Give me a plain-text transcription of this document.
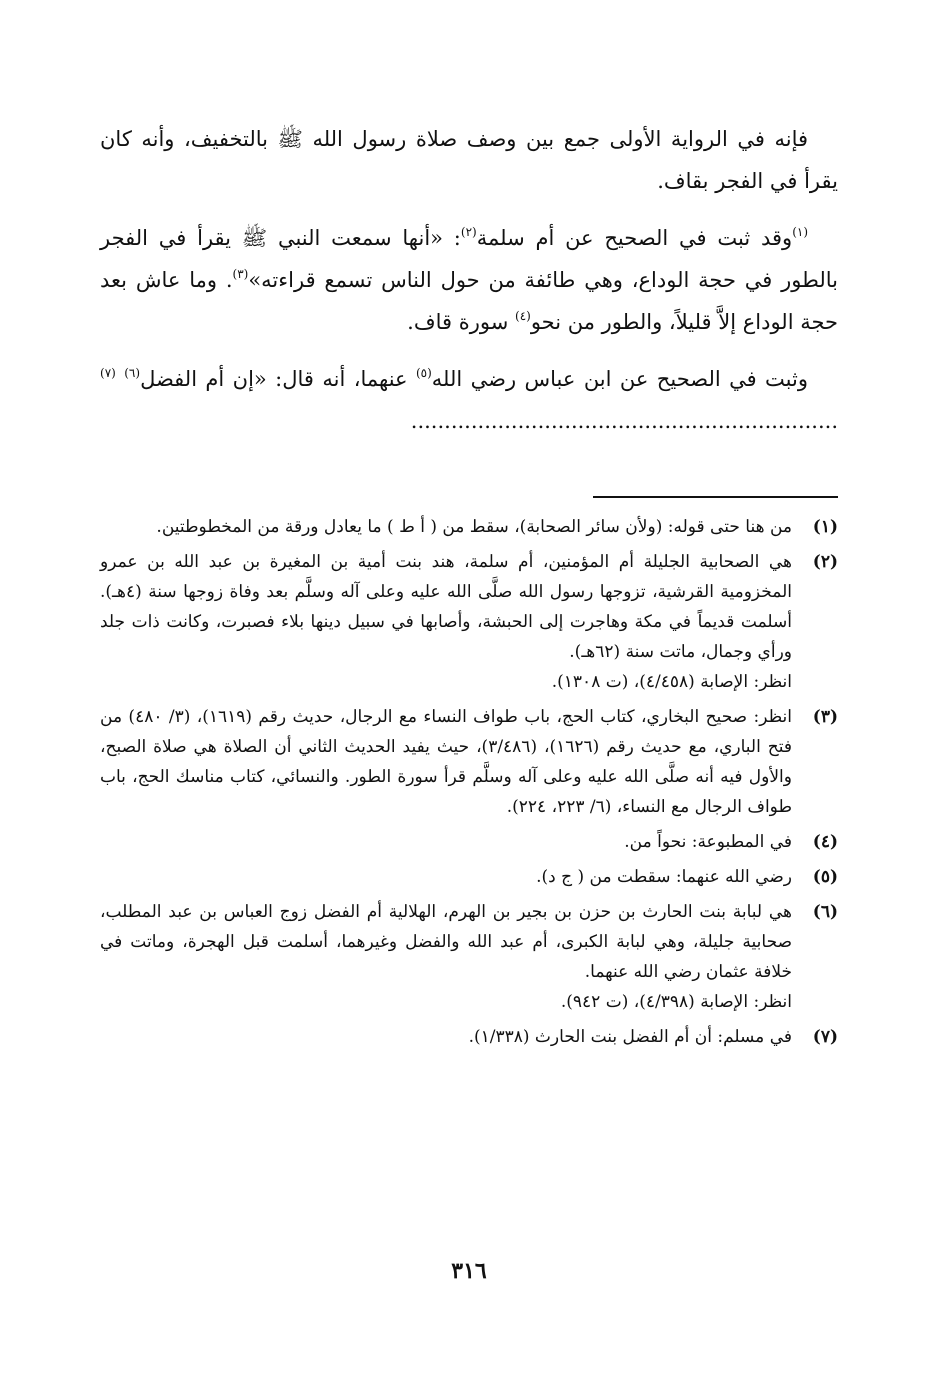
فإنه في الرواية الأولى جمع بين وصف صلاة رسول الله ﷺ بالتخفيف، وأنه كان يقرأ في الفجر بقاف.

$^{(١)}$وقد ثبت في الصحيح عن أم سلمة$^{(٢)}$: «أنها سمعت النبي ﷺ يقرأ في الفجر بالطور في حجة الوداع، وهي طائفة من حول الناس تسمع قراءته»$^{(٣)}$. وما عاش بعد حجة الوداع إلاَّ قليلاً، والطور من نحو$^{(٤)}$ سورة قاف.

وثبت في الصحيح عن ابن عباس رضي الله$^{(٥)}$ عنهما، أنه قال: «إن أم الفضل$^{(٦)}$ $^{(٧)}$ ................................................................

(١)
من هنا حتى قوله: (ولأن سائر الصحابة)، سقط من ( أ ط ) ما يعادل ورقة من المخطوطتين.
(٢)
هي الصحابية الجليلة أم المؤمنين، أم سلمة، هند بنت أمية بن المغيرة بن عبد الله بن عمرو المخزومية القرشية، تزوجها رسول الله صلَّى الله عليه وعلى آله وسلَّم بعد وفاة زوجها سنة (٤هـ). أسلمت قديماً في مكة وهاجرت إلى الحبشة، وأصابها في سبيل دينها بلاء فصبرت، وكانت ذات جلد ورأي وجمال، ماتت سنة (٦٢هـ).
انظر: الإصابة (٤/٤٥٨)، (ت ١٣٠٨).
(٣)
انظر: صحيح البخاري، كتاب الحج، باب طواف النساء مع الرجال، حديث رقم (١٦١٩)، (٣/ ٤٨٠) من فتح الباري، مع حديث رقم (١٦٢٦)، (٣/٤٨٦)، حيث يفيد الحديث الثاني أن الصلاة هي صلاة الصبح، والأول فيه أنه صلَّى الله عليه وعلى آله وسلَّم قرأ سورة الطور. والنسائي، كتاب مناسك الحج، باب طواف الرجال مع النساء، (٦/ ٢٢٣، ٢٢٤).
(٤)
في المطبوعة: نحواً من.
(٥)
رضي الله عنهما: سقطت من ( ج د).
(٦)
هي لبابة بنت الحارث بن حزن بن بجير بن الهرم، الهلالية أم الفضل زوج العباس بن عبد المطلب، صحابية جليلة، وهي لبابة الكبرى، أم عبد الله والفضل وغيرهما، أسلمت قبل الهجرة، وماتت في خلافة عثمان رضي الله عنهما.
انظر: الإصابة (٤/٣٩٨)، (ت ٩٤٢).
(٧)
في مسلم: أن أم الفضل بنت الحارث (١/٣٣٨).
٣١٦
